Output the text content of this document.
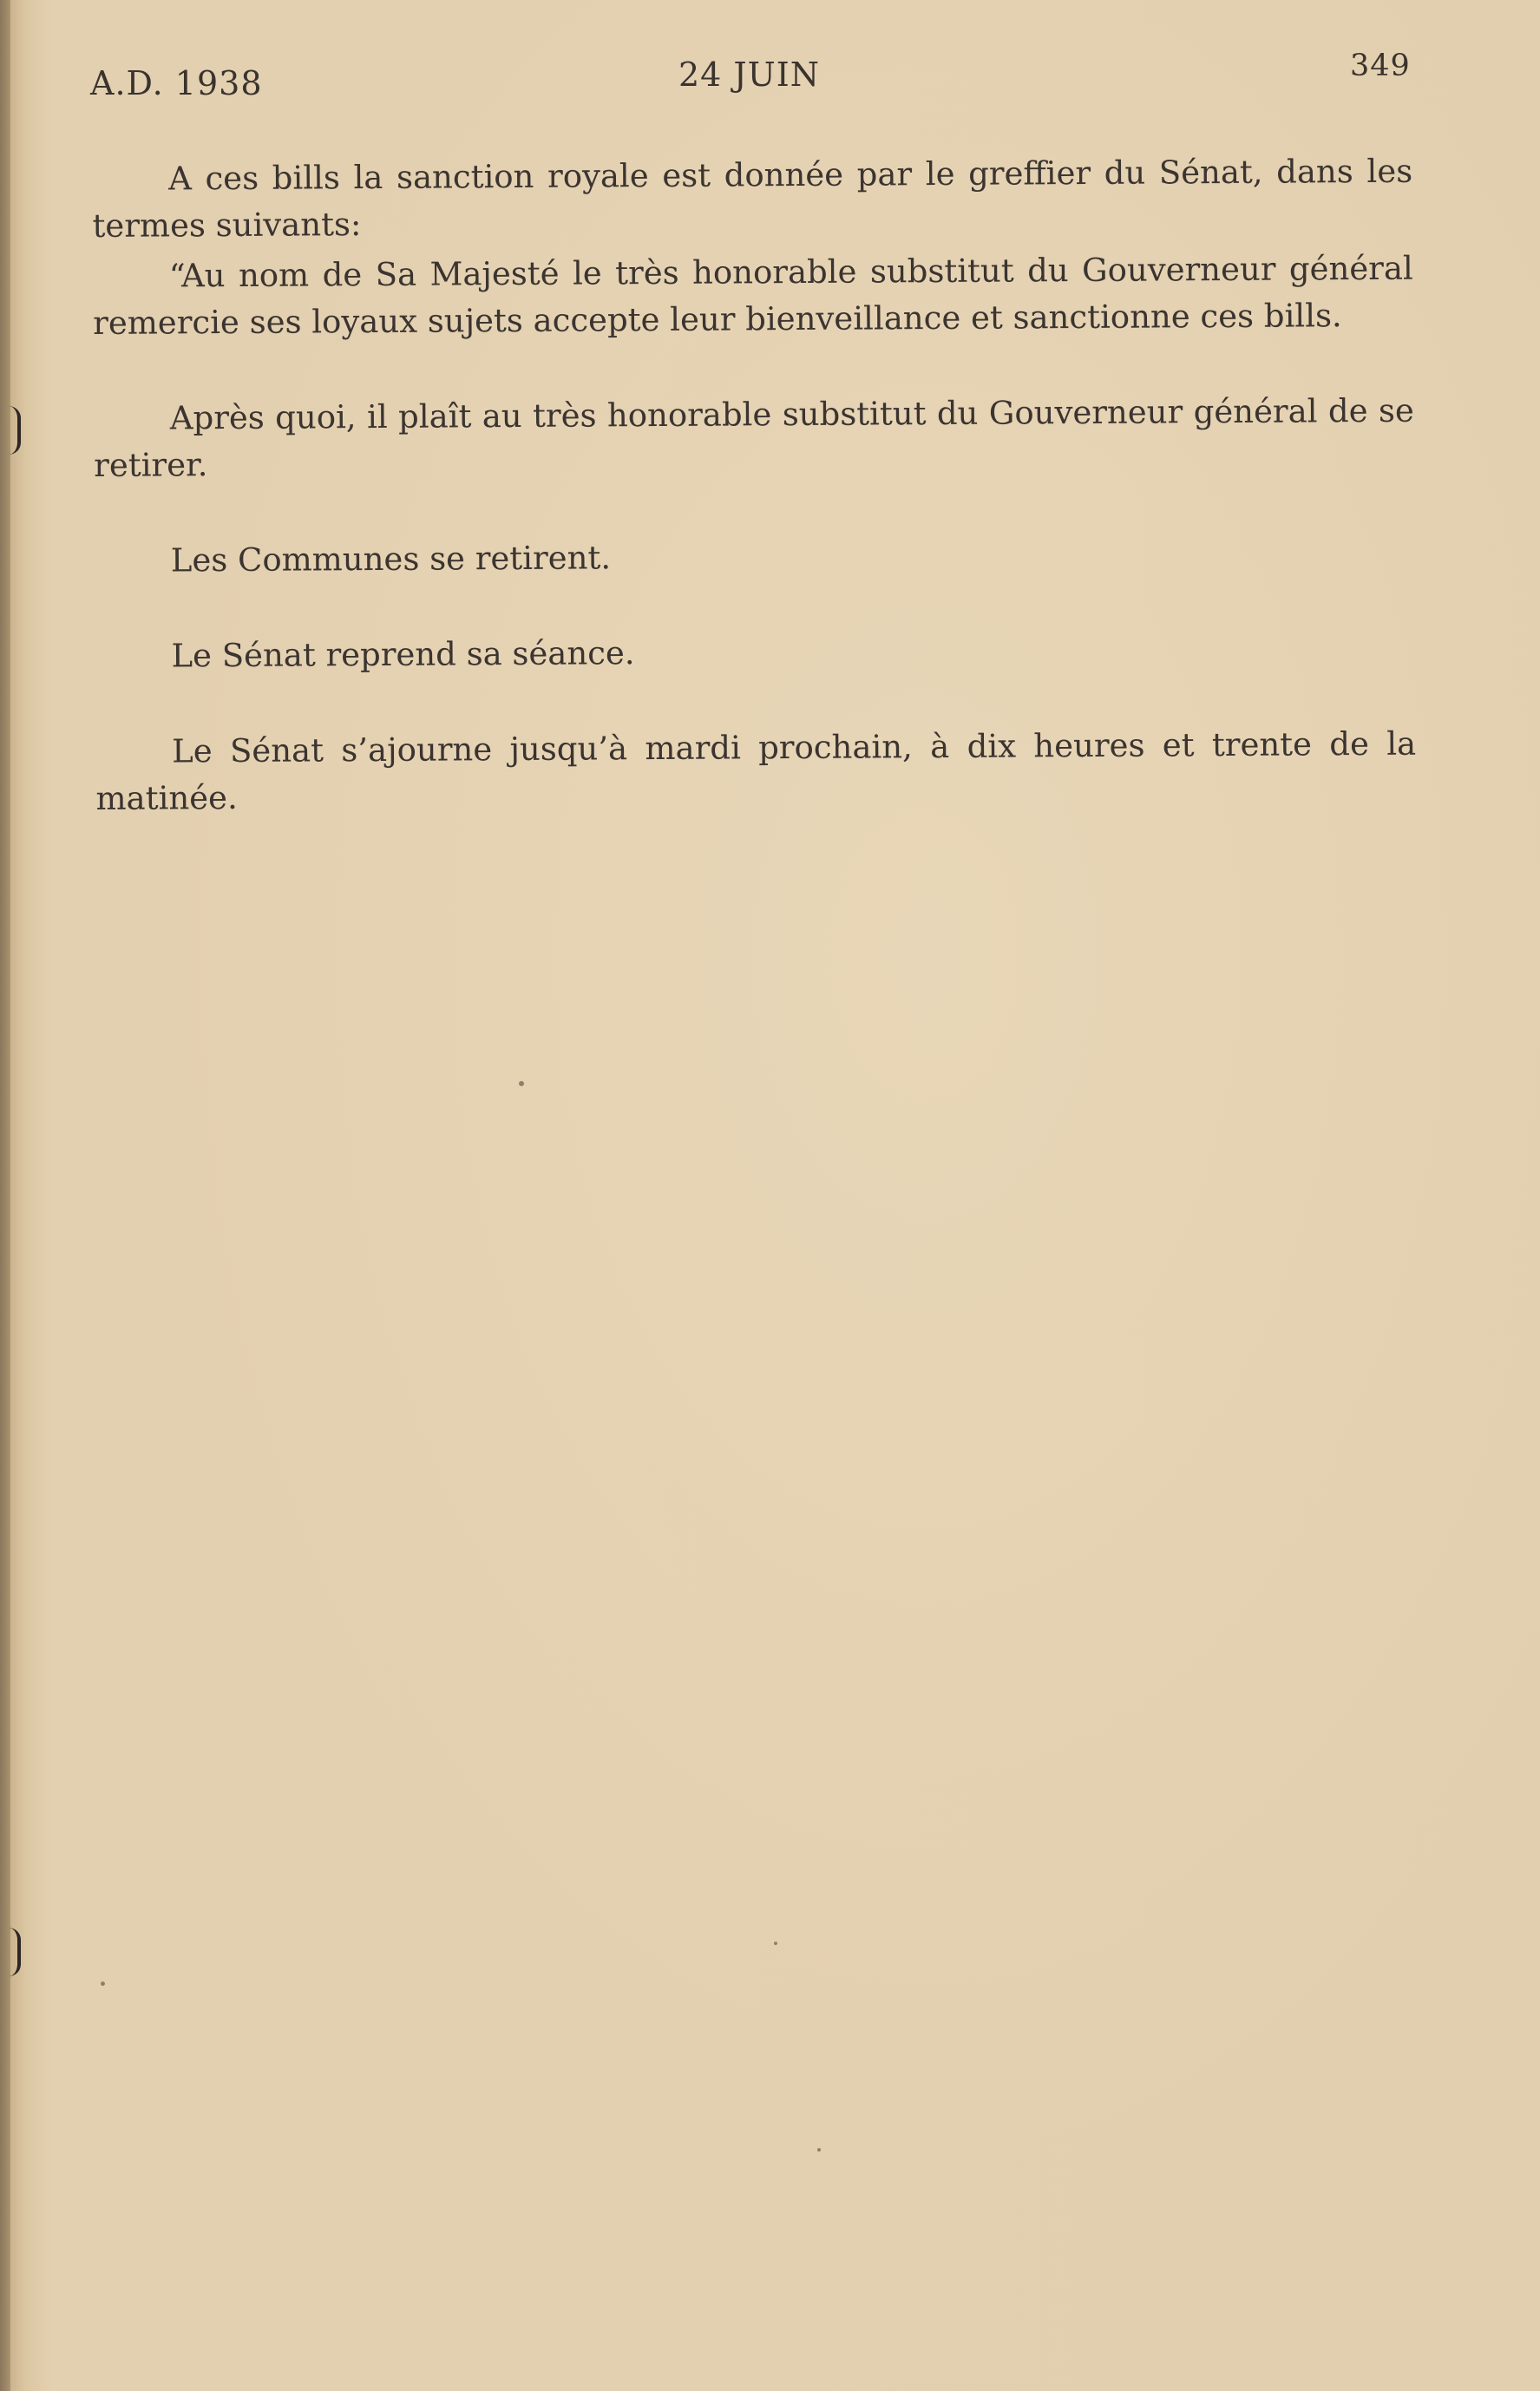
A.D. 1938	24 JUIN	349

A ces bills la sanction royale est donnée par le greffier du Sénat, dans les termes suivants:

“Au nom de Sa Majesté le très honorable substitut du Gouverneur général remercie ses loyaux sujets accepte leur bienveillance et sanctionne ces bills.

Après quoi, il plaît au très honorable substitut du Gouverneur général de se retirer.

Les Communes se retirent.

Le Sénat reprend sa séance.

Le Sénat s’ajourne jusqu’à mardi prochain, à dix heures et trente de la matinée.
